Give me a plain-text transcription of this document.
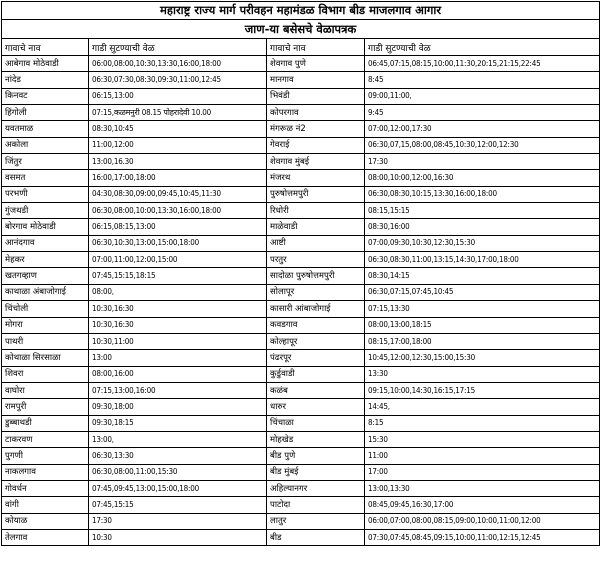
महाराष्ट्र राज्य मार्ग परीवहन महामंडळ विभाग बीड माजलगाव आगार			
जाण-या बसेसचे वेळापत्रक			
गावाचे नाव	गाडी सुटण्याची वेळ	गावाचे नाव	गाडी सुटण्याची वेळ
आबेगाव मोठेवाडी	06:00,08:00,10:30,13:30,16:00,18:00	शेवगाव पुणे	06:45,07:15,08:15,10:00,11:30,20:15,21:15,22:45
नांदेड	06:30,07:30,08:30,09:30,11:00,12:45	मानगाव	8:45
किनवट	06:15,13:00	भिवंडी	09:00,11:00,
हिंगोली	07:15,कळमनुरी 08.15 पोहरादेवी 10.00	कोपरगाव	9:45
यवतमाळ	08:30,10:45	मंगरूळ नं2	07:00,12:00,17:30
अकोला	11:00,12:00	गेवराई	06:30,07,15,08:00,08:45,10:30,12:00,12:30
जिंतुर	13:00,16.30	शेवगाव मुंबई	17:30
वसमत	16:00,17:00,18:00	मंजरथ	08:00,10:00,12:00,16:30
परभणी	04:30,08:30,09:00,09:45,10:45,11:30	पुरुषोत्तमपुरी	06:30,08:30,10:15,13:30,16:00,18:00
गुंजथडी	06:30,08:00,10:00,13:30,16:00,18:00	रिधोरी	08:15,15:15
बोरगाव मोठेवाडी	06:15,08:15,13:00	माळेवाडी	08:30,16:00
आनंदगाव	06:30,10:30,13:00,15:00,18:00	आष्टी	07:00,09:30,10:30,12:30,15:30
मेहकर	07:00,11:00,12:00,15:00	परतुर	06:30,08:30,11:00,13:15,14:30,17:00,18:00
खतगव्हाण	07:45,15:15,18:15	सादोळा पुरुषोत्तमपुरी	08:30,14:15
काथाळा अंबाजोगाई	08:00,	सोलापूर	06:30,07:15,07:45,10:45
चिंचोली	10:30,16:30	कासारी आंबाजोगाई	07:15,13:30
मोगरा	10:30,16:30	कवडगाव	08:00,13:00,18:15
पाथरी	10:30,11:00	कोल्हापूर	08:15,17:00,18:00
कोथाळा सिरसाळा	13:00	पंढरपूर	10:45,12:00,12:30,15:00,15:30
शिवरा	08:00,16:00	कुर्डुवाडी	13:30
वाघोरा	07:15,13:00,16:00	कळंब	09:15,10:00,14:30,16:15,17:15
रामपुरी	09:30,18:00	धारुर	14:45,
डुब्बाथडी	09:30,18:15	चिंचाळा	8:15
टाकरवण	13:00,	मोहखेड	15:30
पुगणी	06:30,13:30	बीड पुणे	11:00
नाकलगाव	06:30,08:00,11:00,15:30	बीड मुंबई	17:00
गोवर्धन	07:45,09:45,13:00,15:00,18:00	अहिल्यानगर	13:00,13:30
वांगी	07:45,15:15	पाटोदा	08:45,09:45,16:30,17:00
कोयाळ	17:30	लातुर	06:00,07:00,08:00,08:15,09:00,10:00,11:00,12:00
तेलगाव	10:30	बीड	07:30,07:45,08:45,09:15,10:00,11:00,12:15,12:45
